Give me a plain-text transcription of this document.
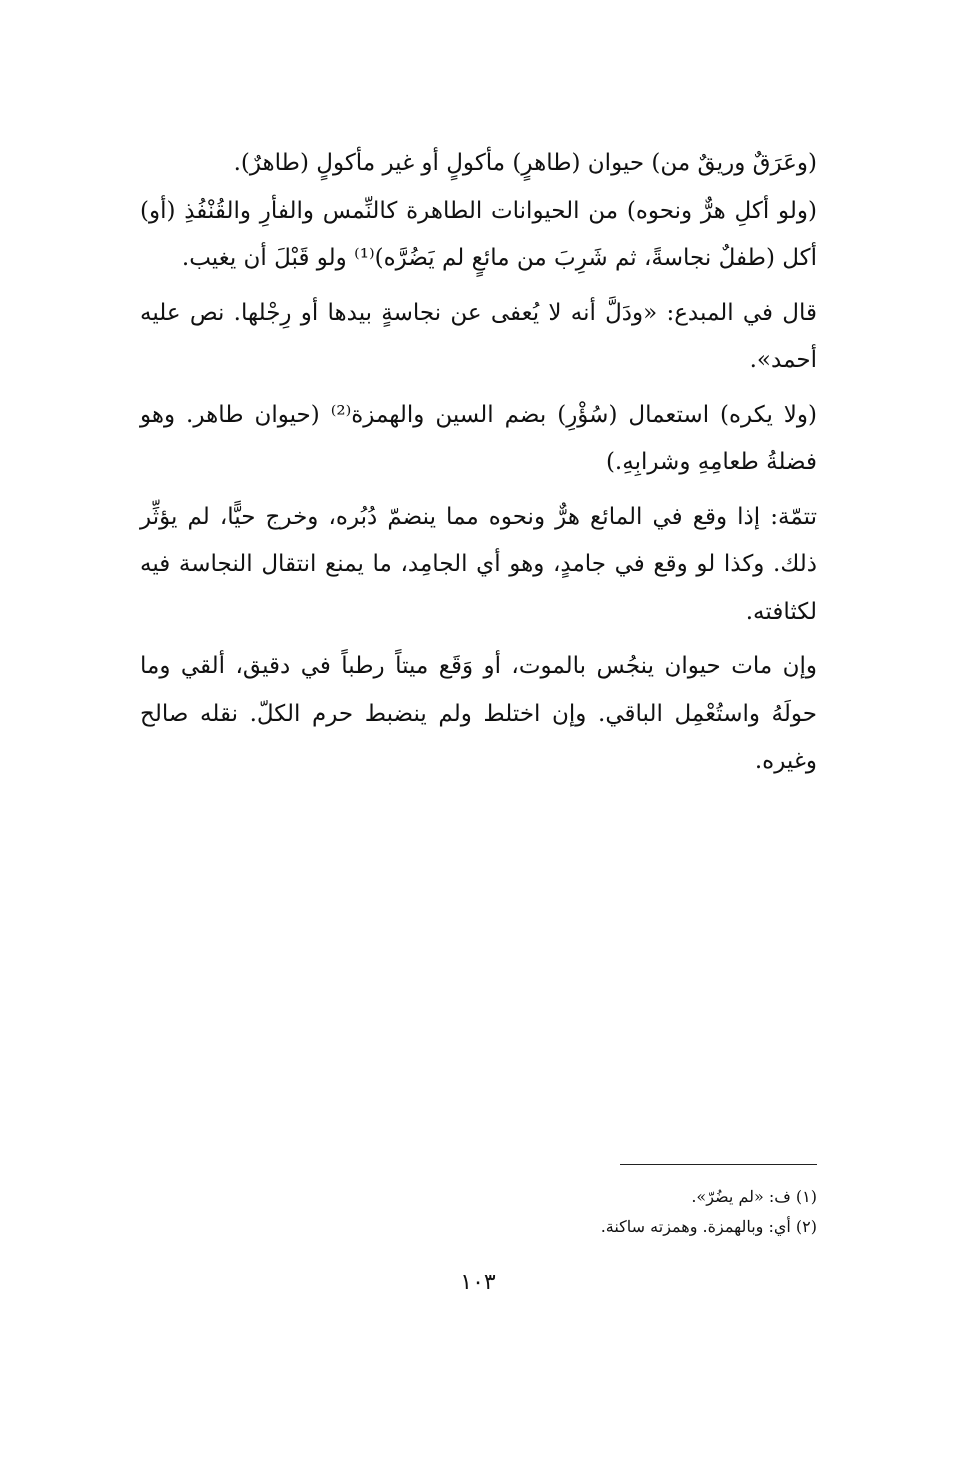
(وعَرَقٌ وريقٌ من) حيوان (طاهرٍ) مأكولٍ أو غير مأكولٍ (طاهرٌ).

(ولو أكلِ هرٌّ ونحوه) من الحيوانات الطاهرة كالنِّمس والفأرِ والقُنْفُذِ (أو) أكل (طفلٌ نجاسةً، ثم شَرِبَ من مائعٍ لم يَضُرَّه)⁽¹⁾ ولو قَبْلَ أن يغيب.

قال في المبدع: «ودَلَّ أنه لا يُعفى عن نجاسةٍ بيدها أو رِجْلها. نص عليه أحمد».

(ولا يكره) استعمال (سُؤْرِ) بضم السين والهمزة⁽²⁾ (حيوان طاهر. وهو فضلةُ طعامِهِ وشرابِهِ.)

تتمّة: إذا وقع في المائع هرٌّ ونحوه مما ينضمّ دُبُره، وخرج حيًّا، لم يؤثِّر ذلك. وكذا لو وقع في جامدٍ، وهو أي الجامِد، ما يمنع انتقال النجاسة فيه لكثافته.

وإن مات حيوان ينجُس بالموت، أو وَقَع ميتاً رطباً في دقيق، ألقي وما حولَهُ واستُعْمِل الباقي. وإن اختلط ولم ينضبط حرم الكلّ. نقله صالح وغيره.

(١) ف: «لم يضُرّ».

(٢) أي: وبالهمزة. وهمزته ساكنة.

١٠٣
